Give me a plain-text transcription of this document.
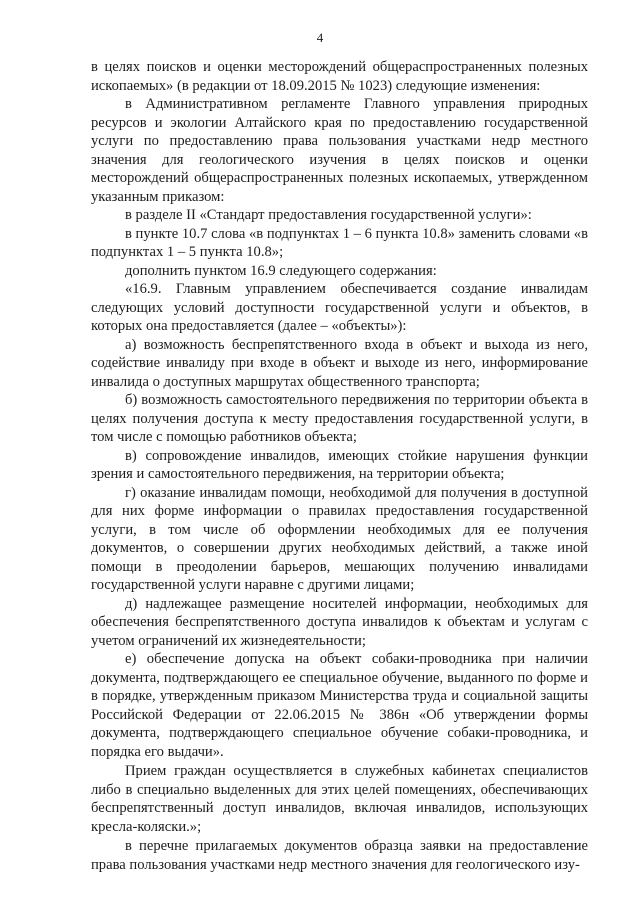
4

в целях поисков и оценки месторождений общераспространенных полезных ископаемых» (в редакции от 18.09.2015 № 1023) следующие изменения:

в Административном регламенте Главного управления природных ресурсов и экологии Алтайского края по предоставлению государственной услуги по предоставлению права пользования участками недр местного значения для геологического изучения в целях поисков и оценки месторождений общераспространенных полезных ископаемых, утвержденном указанным приказом:

в разделе II «Стандарт предоставления государственной услуги»:

в пункте 10.7 слова «в подпунктах 1 – 6 пункта 10.8» заменить словами «в подпунктах 1 – 5 пункта 10.8»;

дополнить пунктом 16.9 следующего содержания:

«16.9. Главным управлением обеспечивается создание инвалидам следующих условий доступности государственной услуги и объектов, в которых она предоставляется (далее – «объекты»):

а) возможность беспрепятственного входа в объект и выхода из него, содействие инвалиду при входе в объект и выходе из него, информирование инвалида о доступных маршрутах общественного транспорта;

б) возможность самостоятельного передвижения по территории объекта в целях получения доступа к месту предоставления государственной услуги, в том числе с помощью работников объекта;

в) сопровождение инвалидов, имеющих стойкие нарушения функции зрения и самостоятельного передвижения, на территории объекта;

г) оказание инвалидам помощи, необходимой для получения в доступной для них форме информации о правилах предоставления государственной услуги, в том числе об оформлении необходимых для ее получения документов, о совершении других необходимых действий, а также иной помощи в преодолении барьеров, мешающих получению инвалидами государственной услуги наравне с другими лицами;

д) надлежащее размещение носителей информации, необходимых для обеспечения беспрепятственного доступа инвалидов к объектам и услугам с учетом ограничений их жизнедеятельности;

е) обеспечение допуска на объект собаки-проводника при наличии документа, подтверждающего ее специальное обучение, выданного по форме и в порядке, утвержденным приказом Министерства труда и социальной защиты Российской Федерации от 22.06.2015 № 386н «Об утверждении формы документа, подтверждающего специальное обучение собаки-проводника, и порядка его выдачи».

Прием граждан осуществляется в служебных кабинетах специалистов либо в специально выделенных для этих целей помещениях, обеспечивающих беспрепятственный доступ инвалидов, включая инвалидов, использующих кресла-коляски.»;

в перечне прилагаемых документов образца заявки на предоставление права пользования участками недр местного значения для геологического изу-
